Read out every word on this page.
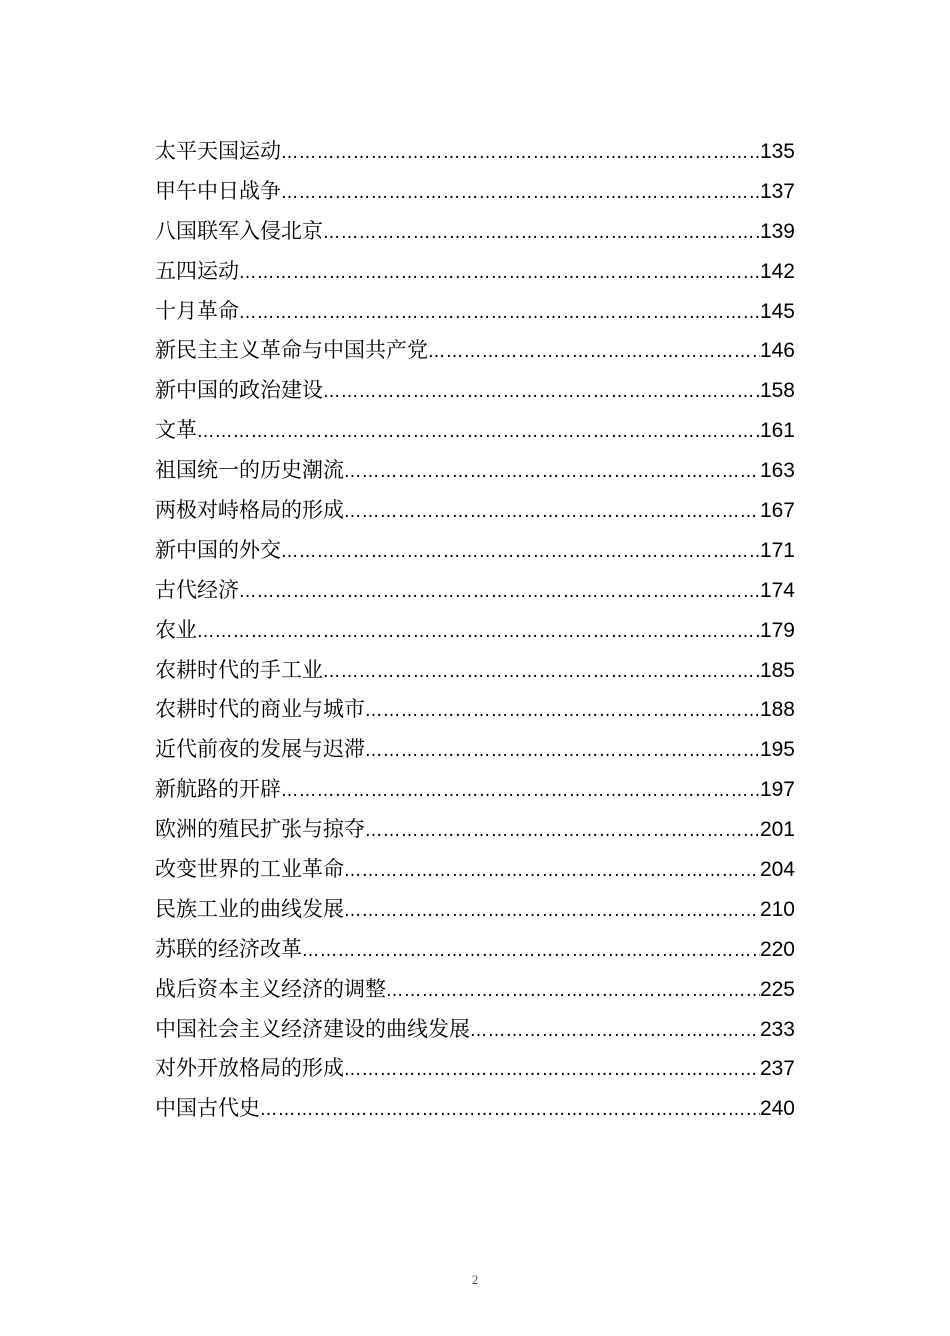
太平天国运动 …………………………………………………………………………………………………………………………………………………………………………………………………………	135
甲午中日战争 …………………………………………………………………………………………………………………………………………………………………………………………………………	137
八国联军入侵北京 …………………………………………………………………………………………………………………………………………………………………………………………………………	139
五四运动 …………………………………………………………………………………………………………………………………………………………………………………………………………	142
十月革命 …………………………………………………………………………………………………………………………………………………………………………………………………………	145
新民主主义革命与中国共产党 …………………………………………………………………………………………………………………………………………………………………………………………………………	146
新中国的政治建设 …………………………………………………………………………………………………………………………………………………………………………………………………………	158
文革 …………………………………………………………………………………………………………………………………………………………………………………………………………	161
祖国统一的历史潮流 …………………………………………………………………………………………………………………………………………………………………………………………………………	163
两极对峙格局的形成 …………………………………………………………………………………………………………………………………………………………………………………………………………	167
新中国的外交 …………………………………………………………………………………………………………………………………………………………………………………………………………	171
古代经济 …………………………………………………………………………………………………………………………………………………………………………………………………………	174
农业 …………………………………………………………………………………………………………………………………………………………………………………………………………	179
农耕时代的手工业 …………………………………………………………………………………………………………………………………………………………………………………………………………	185
农耕时代的商业与城市 …………………………………………………………………………………………………………………………………………………………………………………………………………	188
近代前夜的发展与迟滞 …………………………………………………………………………………………………………………………………………………………………………………………………………	195
新航路的开辟 …………………………………………………………………………………………………………………………………………………………………………………………………………	197
欧洲的殖民扩张与掠夺 …………………………………………………………………………………………………………………………………………………………………………………………………………	201
改变世界的工业革命 …………………………………………………………………………………………………………………………………………………………………………………………………………	204
民族工业的曲线发展 …………………………………………………………………………………………………………………………………………………………………………………………………………	210
苏联的经济改革 …………………………………………………………………………………………………………………………………………………………………………………………………………	220
战后资本主义经济的调整 …………………………………………………………………………………………………………………………………………………………………………………………………………	225
中国社会主义经济建设的曲线发展 …………………………………………………………………………………………………………………………………………………………………………………………………………	233
对外开放格局的形成 …………………………………………………………………………………………………………………………………………………………………………………………………………	237
中国古代史 …………………………………………………………………………………………………………………………………………………………………………………………………………	240
2
